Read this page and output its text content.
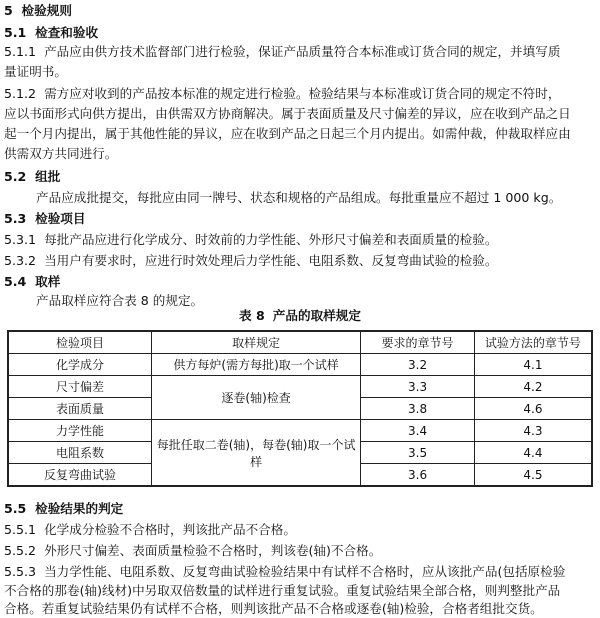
5 检验规则
5.1 检查和验收
5.1.1 产品应由供方技术监督部门进行检验，保证产品质量符合本标准或订货合同的规定，并填写质
量证明书。
5.1.2 需方应对收到的产品按本标准的规定进行检验。检验结果与本标准或订货合同的规定不符时，
应以书面形式向供方提出，由供需双方协商解决。属于表面质量及尺寸偏差的异议，应在收到产品之日
起一个月内提出，属于其他性能的异议，应在收到产品之日起三个月内提出。如需仲裁，仲裁取样应由
供需双方共同进行。
5.2 组批
产品应成批提交，每批应由同一牌号、状态和规格的产品组成。每批重量应不超过 1 000 kg。
5.3 检验项目
5.3.1 每批产品应进行化学成分、时效前的力学性能、外形尺寸偏差和表面质量的检验。
5.3.2 当用户有要求时，应进行时效处理后力学性能、电阻系数、反复弯曲试验的检验。
5.4 取样
产品取样应符合表 8 的规定。
表 8 产品的取样规定
检验项目	取样规定	要求的章节号	试验方法的章节号
化学成分	供方每炉(需方每批)取一个试样	3.2	4.1
尺寸偏差	逐卷(轴)检查	3.3	4.2
表面质量		3.8	4.6
力学性能	每批任取二卷(轴)，每卷(轴)取一个试样	3.4	4.3
电阻系数		3.5	4.4
反复弯曲试验		3.6	4.5
5.5 检验结果的判定
5.5.1 化学成分检验不合格时，判该批产品不合格。
5.5.2 外形尺寸偏差、表面质量检验不合格时，判该卷(轴)不合格。
5.5.3 当力学性能、电阻系数、反复弯曲试验检验结果中有试样不合格时，应从该批产品(包括原检验
不合格的那卷(轴)线材)中另取双倍数量的试样进行重复试验。重复试验结果全部合格，则判整批产品
合格。若重复试验结果仍有试样不合格，则判该批产品不合格或逐卷(轴)检验，合格者组批交货。
